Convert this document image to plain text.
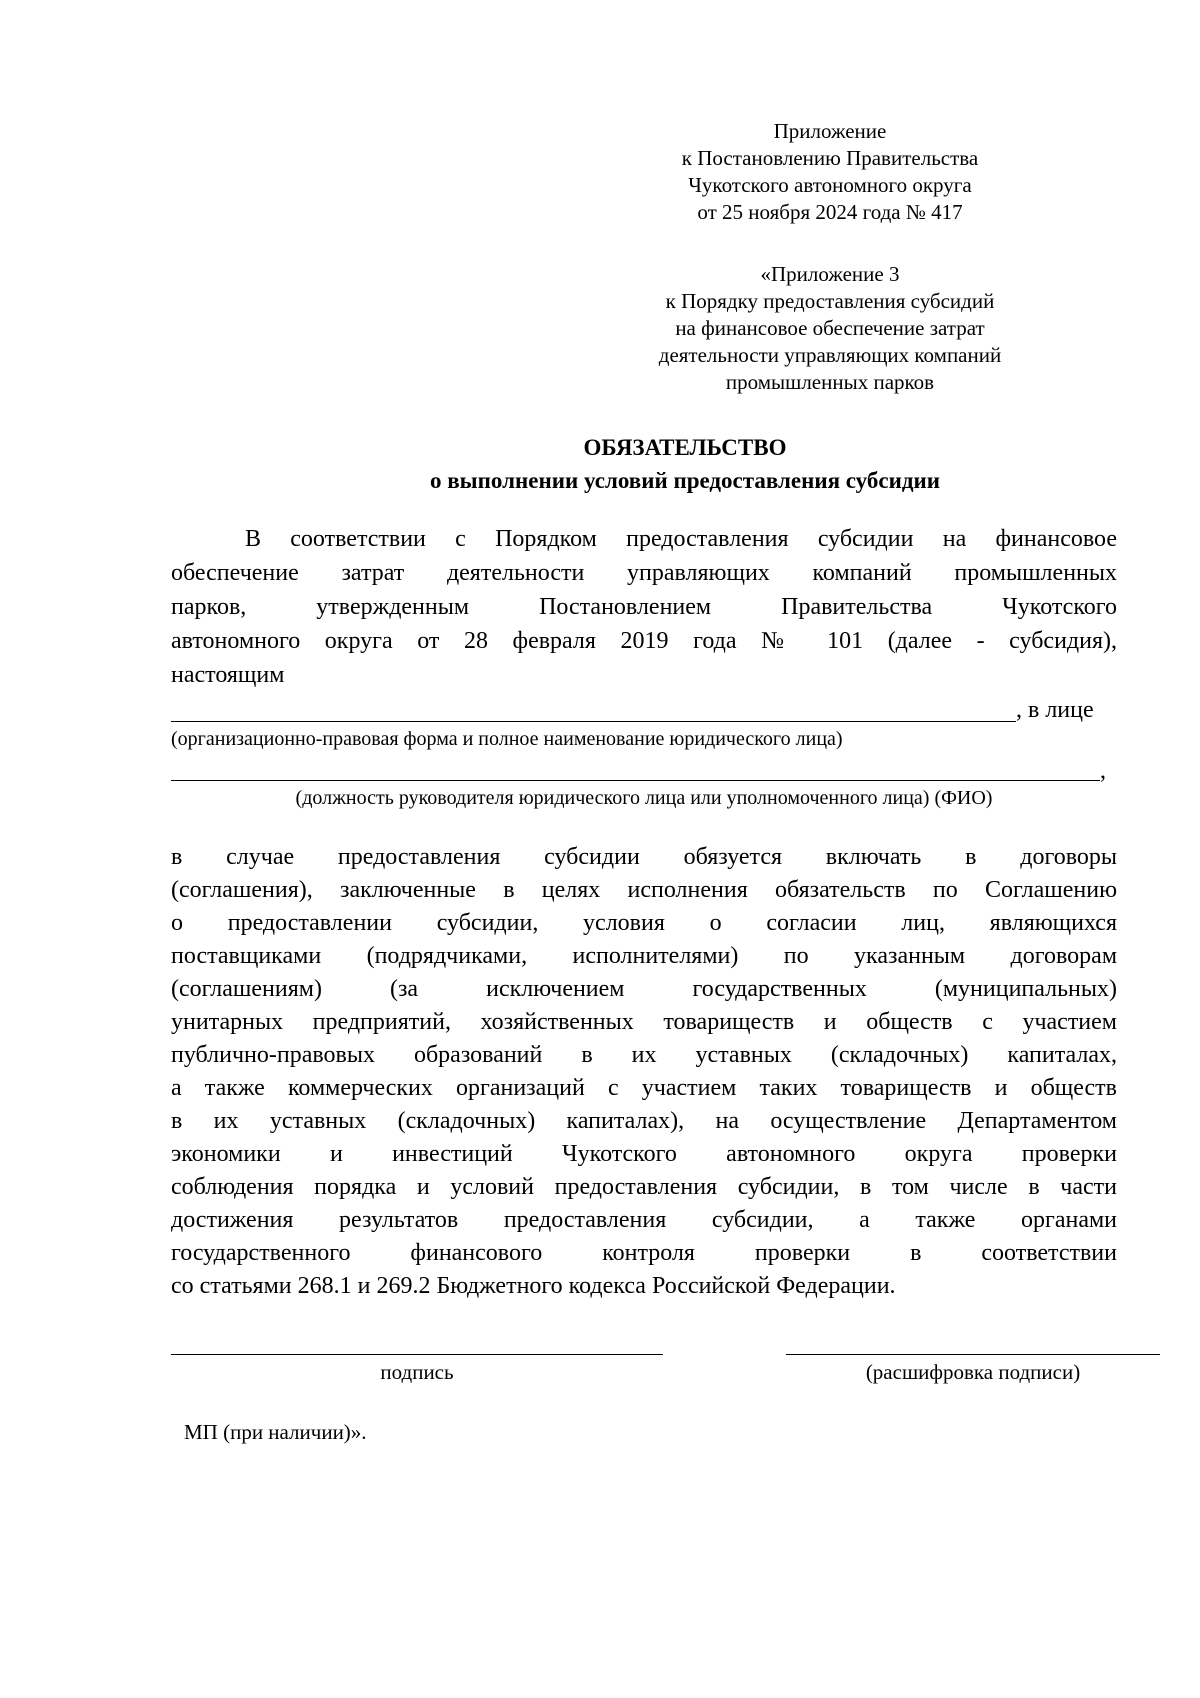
Приложение

к Постановлению Правительства

Чукотского автономного округа

от 25 ноября 2024 года № 417

«Приложение 3

к Порядку предоставления субсидий

на финансовое обеспечение затрат

деятельности управляющих компаний

промышленных парков

ОБЯЗАТЕЛЬСТВО

о выполнении условий предоставления субсидии

В соответствии с Порядком предоставления субсидии на финансовое

обеспечение затрат деятельности управляющих компаний промышленных

парков, утвержденным Постановлением Правительства Чукотского

автономного округа от 28 февраля 2019 года № 101 (далее - субсидия),

настоящим

, в лице

(организационно-правовая форма и полное наименование юридического лица)

,

(должность руководителя юридического лица или уполномоченного лица) (ФИО)

в случае предоставления субсидии обязуется включать в договоры

(соглашения), заключенные в целях исполнения обязательств по Соглашению

о предоставлении субсидии, условия о согласии лиц, являющихся

поставщиками (подрядчиками, исполнителями) по указанным договорам

(соглашениям) (за исключением государственных (муниципальных)

унитарных предприятий, хозяйственных товариществ и обществ с участием

публично-правовых образований в их уставных (складочных) капиталах,

а также коммерческих организаций с участием таких товариществ и обществ

в их уставных (складочных) капиталах), на осуществление Департаментом

экономики и инвестиций Чукотского автономного округа проверки

соблюдения порядка и условий предоставления субсидии, в том числе в части

достижения результатов предоставления субсидии, а также органами

государственного финансового контроля проверки в соответствии

со статьями 268.1 и 269.2 Бюджетного кодекса Российской Федерации.

подпись	(расшифровка подписи)

МП (при наличии)».
